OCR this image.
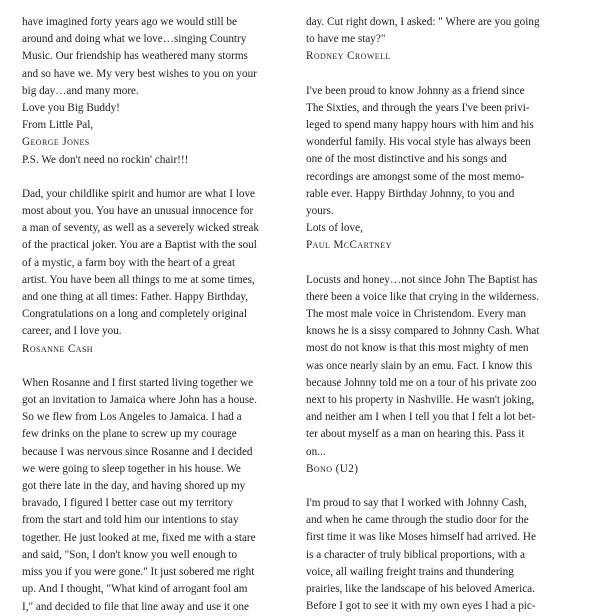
have imagined forty years ago we would still be
around and doing what we love…singing Country
Music. Our friendship has weathered many storms
and so have we. My very best wishes to you on your
big day…and many more.
Love you Big Buddy!
From Little Pal,
George Jones
P.S. We don't need no rockin' chair!!!
Dad, your childlike spirit and humor are what I love
most about you. You have an unusual innocence for
a man of seventy, as well as a severely wicked streak
of the practical joker. You are a Baptist with the soul
of a mystic, a farm boy with the heart of a great
artist. You have been all things to me at some times,
and one thing at all times: Father. Happy Birthday,
Congratulations on a long and completely original
career, and I love you.
Rosanne Cash
When Rosanne and I first started living together we
got an invitation to Jamaica where John has a house.
So we flew from Los Angeles to Jamaica. I had a
few drinks on the plane to screw up my courage
because I was nervous since Rosanne and I decided
we were going to sleep together in his house. We
got there late in the day, and having shored up my
bravado, I figured I better case out my territory
from the start and told him our intentions to stay
together. He just looked at me, fixed me with a stare
and said, "Son, I don't know you well enough to
miss you if you were gone." It just sobered me right
up. And I thought, "What kind of arrogant fool am
I," and decided to file that line away and use it one
day. Cut right down, I asked: " Where are you going
to have me stay?"
Rodney Crowell
I've been proud to know Johnny as a friend since
The Sixties, and through the years I've been privi-
leged to spend many happy hours with him and his
wonderful family. His vocal style has always been
one of the most distinctive and his songs and
recordings are amongst some of the most memo-
rable ever. Happy Birthday Johnny, to you and
yours.
Lots of love,
Paul McCartney
Locusts and honey…not since John The Baptist has
there been a voice like that crying in the wilderness.
The most male voice in Christendom. Every man
knows he is a sissy compared to Johnny Cash. What
most do not know is that this most mighty of men
was once nearly slain by an emu. Fact. I know this
because Johnny told me on a tour of his private zoo
next to his property in Nashville. He wasn't joking,
and neither am I when I tell you that I felt a lot bet-
ter about myself as a man on hearing this. Pass it
on...
Bono (U2)
I'm proud to say that I worked with Johnny Cash,
and when he came through the studio door for the
first time it was like Moses himself had arrived. He
is a character of truly biblical proportions, with a
voice, all wailing freight trains and thundering
prairies, like the landscape of his beloved America.
Before I got to see it with my own eyes I had a pic-
